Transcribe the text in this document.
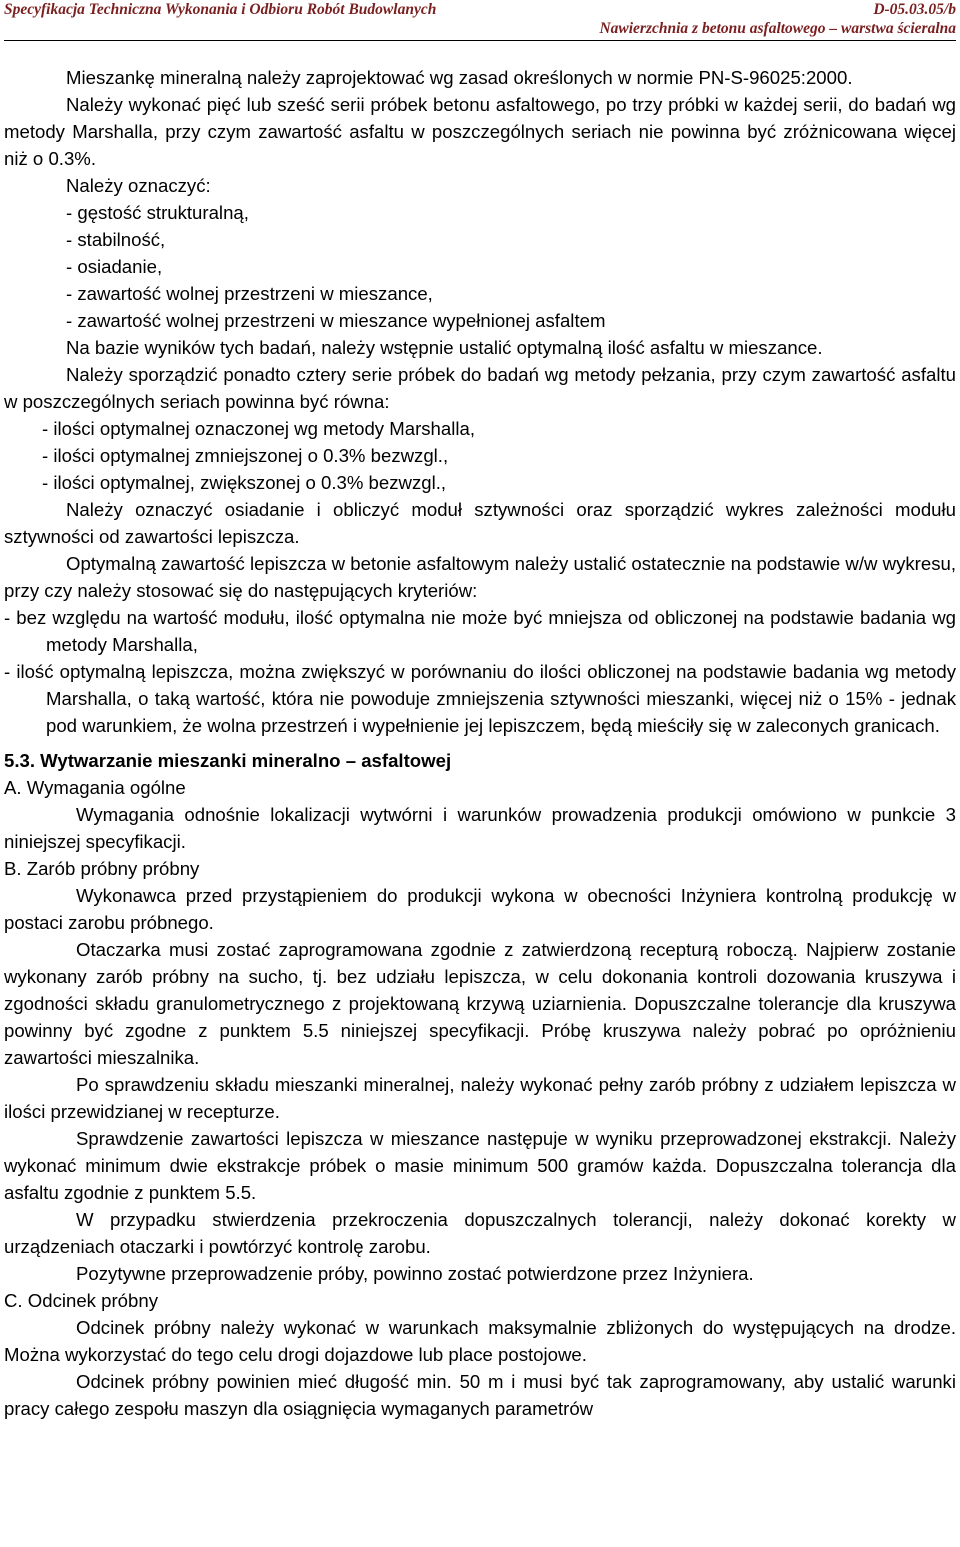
Specyfikacja Techniczna Wykonania i Odbioru Robót Budowlanych	D-05.03.05/b
Nawierzchnia z betonu asfaltowego – warstwa ścieralna

Mieszankę mineralną należy zaprojektować wg zasad określonych w normie PN-S-96025:2000.

Należy wykonać pięć lub sześć serii próbek betonu asfaltowego, po trzy próbki w każdej serii, do badań wg metody Marshalla, przy czym zawartość asfaltu w poszczególnych seriach nie powinna być zróżnicowana więcej niż o 0.3%.

Należy oznaczyć:

- gęstość strukturalną,

- stabilność,

- osiadanie,

- zawartość wolnej przestrzeni w mieszance,

- zawartość wolnej przestrzeni w mieszance wypełnionej asfaltem

Na bazie wyników tych badań, należy wstępnie ustalić optymalną ilość asfaltu w mieszance.

Należy sporządzić ponadto cztery serie próbek do badań wg metody pełzania, przy czym zawartość asfaltu w poszczególnych seriach powinna być równa:

- ilości optymalnej oznaczonej wg metody Marshalla,

- ilości optymalnej zmniejszonej o 0.3% bezwzgl.,

- ilości optymalnej, zwiększonej o 0.3% bezwzgl.,

Należy oznaczyć osiadanie i obliczyć moduł sztywności oraz sporządzić wykres zależności modułu sztywności od zawartości lepiszcza.

Optymalną zawartość lepiszcza w betonie asfaltowym należy ustalić ostatecznie na podstawie w/w wykresu, przy czy należy stosować się do następujących kryteriów:

- bez względu na wartość modułu, ilość optymalna nie może być mniejsza od obliczonej na podstawie badania wg metody Marshalla,

- ilość optymalną lepiszcza, można zwiększyć w porównaniu do ilości obliczonej na podstawie badania wg metody Marshalla, o taką wartość, która nie powoduje zmniejszenia sztywności mieszanki, więcej niż o 15% - jednak pod warunkiem, że wolna przestrzeń i wypełnienie jej lepiszczem, będą mieściły się w zaleconych granicach.

5.3. Wytwarzanie mieszanki mineralno – asfaltowej

A. Wymagania ogólne

Wymagania odnośnie lokalizacji wytwórni i warunków prowadzenia produkcji omówiono w punkcie 3 niniejszej specyfikacji.

B. Zarób próbny próbny

Wykonawca przed przystąpieniem do produkcji wykona w obecności Inżyniera kontrolną produkcję w postaci zarobu próbnego.

Otaczarka musi zostać zaprogramowana zgodnie z zatwierdzoną recepturą roboczą. Najpierw zostanie wykonany zarób próbny na sucho, tj. bez udziału lepiszcza, w celu dokonania kontroli dozowania kruszywa i zgodności składu granulometrycznego z projektowaną krzywą uziarnienia. Dopuszczalne tolerancje dla kruszywa powinny być zgodne z punktem 5.5 niniejszej specyfikacji. Próbę kruszywa należy pobrać po opróżnieniu zawartości mieszalnika.

Po sprawdzeniu składu mieszanki mineralnej, należy wykonać pełny zarób próbny z udziałem lepiszcza w ilości przewidzianej w recepturze.

Sprawdzenie zawartości lepiszcza w mieszance następuje w wyniku przeprowadzonej ekstrakcji. Należy wykonać minimum dwie ekstrakcje próbek o masie minimum 500 gramów każda. Dopuszczalna tolerancja dla asfaltu zgodnie z punktem 5.5.

W przypadku stwierdzenia przekroczenia dopuszczalnych tolerancji, należy dokonać korekty w urządzeniach otaczarki i powtórzyć kontrolę zarobu.

Pozytywne przeprowadzenie próby, powinno zostać potwierdzone przez Inżyniera.

C. Odcinek próbny

Odcinek próbny należy wykonać w warunkach maksymalnie zbliżonych do występujących na drodze. Można wykorzystać do tego celu drogi dojazdowe lub place postojowe.

Odcinek próbny powinien mieć długość min. 50 m i musi być tak zaprogramowany, aby ustalić warunki pracy całego zespołu maszyn dla osiągnięcia wymaganych parametrów
